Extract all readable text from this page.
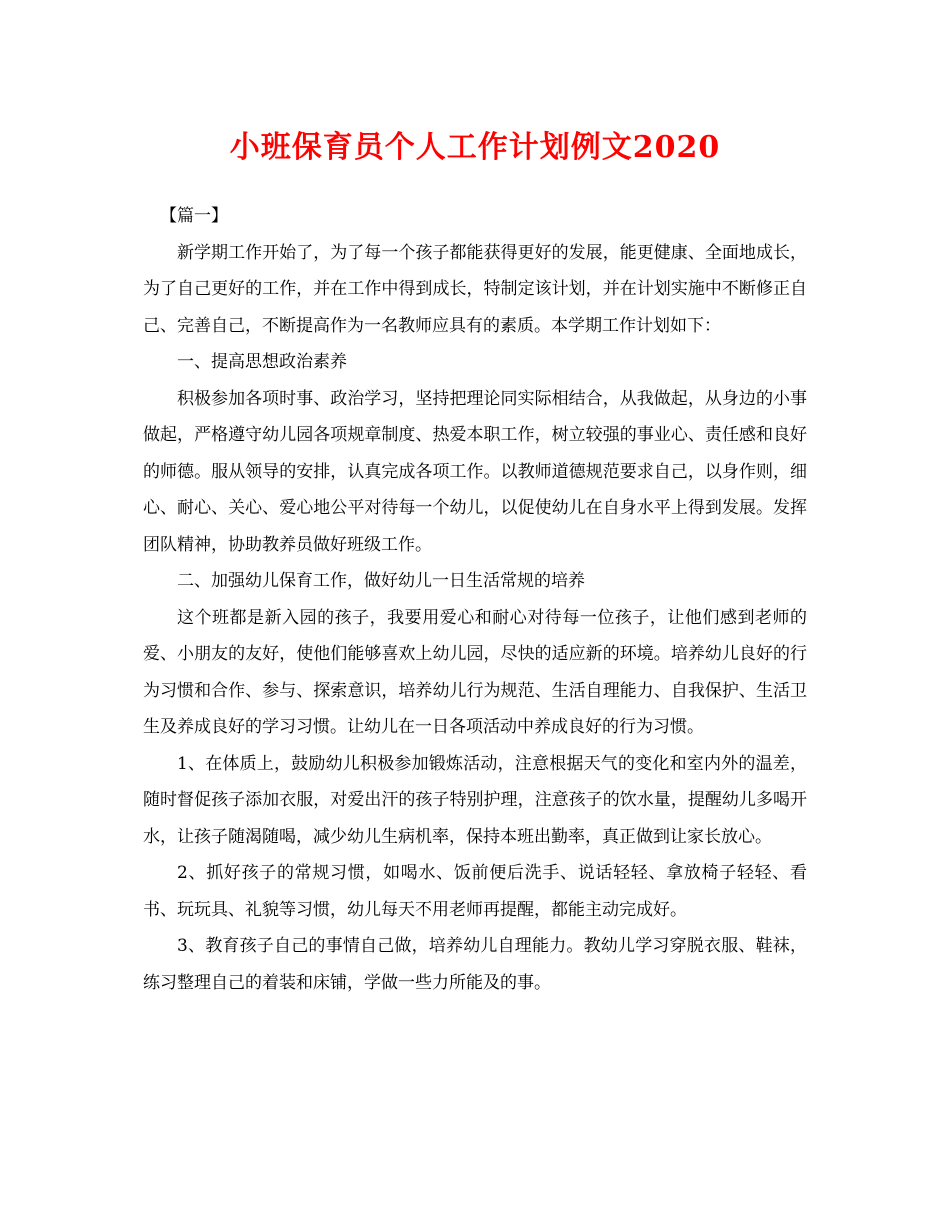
小班保育员个人工作计划例文2020

【篇一】

新学期工作开始了，为了每一个孩子都能获得更好的发展，能更健康、全面地成长，为了自己更好的工作，并在工作中得到成长，特制定该计划，并在计划实施中不断修正自己、完善自己，不断提高作为一名教师应具有的素质。本学期工作计划如下：

一、提高思想政治素养

积极参加各项时事、政治学习，坚持把理论同实际相结合，从我做起，从身边的小事做起，严格遵守幼儿园各项规章制度、热爱本职工作，树立较强的事业心、责任感和良好的师德。服从领导的安排，认真完成各项工作。以教师道德规范要求自己，以身作则，细心、耐心、关心、爱心地公平对待每一个幼儿，以促使幼儿在自身水平上得到发展。发挥团队精神，协助教养员做好班级工作。

二、加强幼儿保育工作，做好幼儿一日生活常规的培养

这个班都是新入园的孩子，我要用爱心和耐心对待每一位孩子，让他们感到老师的爱、小朋友的友好，使他们能够喜欢上幼儿园，尽快的适应新的环境。培养幼儿良好的行为习惯和合作、参与、探索意识，培养幼儿行为规范、生活自理能力、自我保护、生活卫生及养成良好的学习习惯。让幼儿在一日各项活动中养成良好的行为习惯。

1、在体质上，鼓励幼儿积极参加锻炼活动，注意根据天气的变化和室内外的温差，随时督促孩子添加衣服，对爱出汗的孩子特别护理，注意孩子的饮水量，提醒幼儿多喝开水，让孩子随渴随喝，减少幼儿生病机率，保持本班出勤率，真正做到让家长放心。

2、抓好孩子的常规习惯，如喝水、饭前便后洗手、说话轻轻、拿放椅子轻轻、看书、玩玩具、礼貌等习惯，幼儿每天不用老师再提醒，都能主动完成好。

3、教育孩子自己的事情自己做，培养幼儿自理能力。教幼儿学习穿脱衣服、鞋袜，练习整理自己的着装和床铺，学做一些力所能及的事。
